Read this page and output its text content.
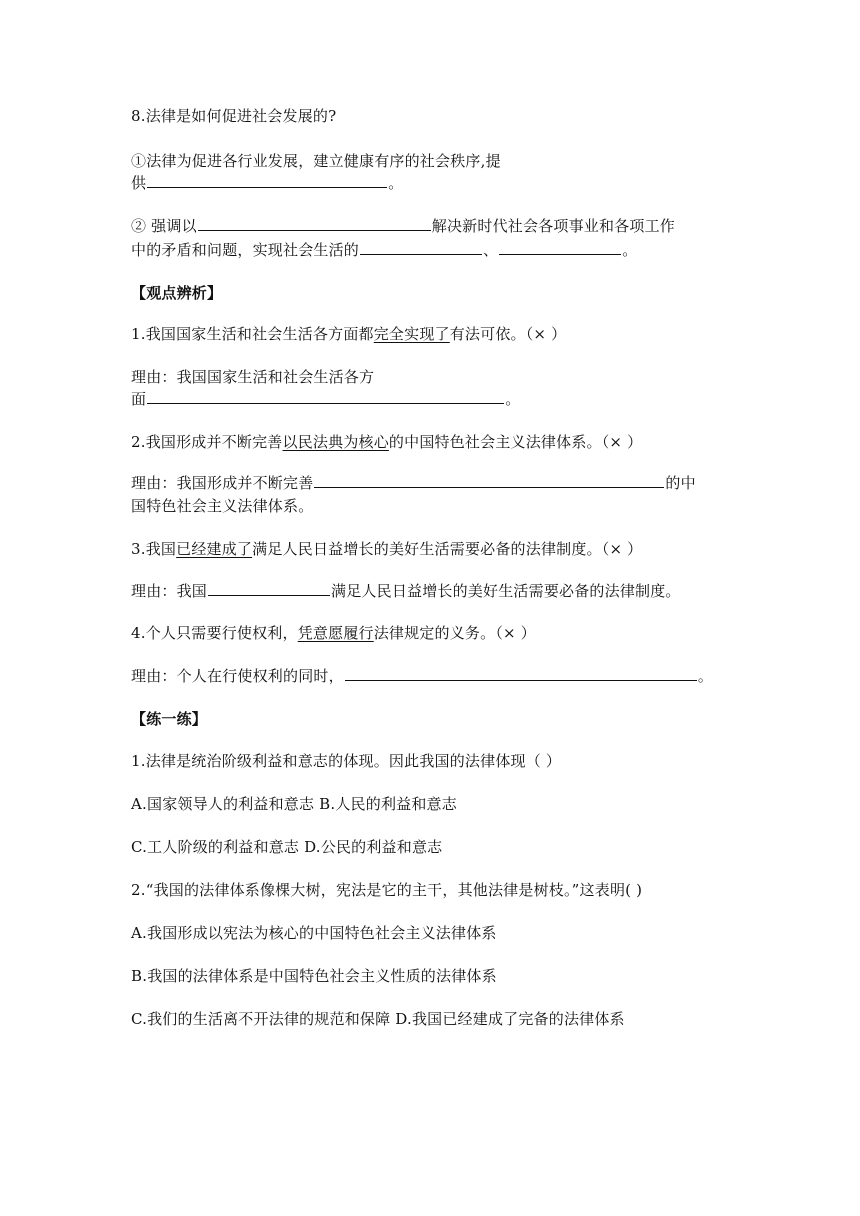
8.法律是如何促进社会发展的?
①法律为促进各行业发展，建立健康有序的社会秩序,提
供	。
② 强调以	解决新时代社会各项事业和各项工作
中的矛盾和问题，实现社会生活的	、	。
【观点辨析】
1.我国国家生活和社会生活各方面都完全实现了有法可依。（× ）
理由：我国国家生活和社会生活各方
面	。
2.我国形成并不断完善以民法典为核心的中国特色社会主义法律体系。（× ）
理由：我国形成并不断完善	的中
国特色社会主义法律体系。
3.我国已经建成了满足人民日益增长的美好生活需要必备的法律制度。（× ）
理由：我国	满足人民日益增长的美好生活需要必备的法律制度。
4.个人只需要行使权利，凭意愿履行法律规定的义务。（× ）
理由：个人在行使权利的同时，	。
【练一练】
1.法律是统治阶级利益和意志的体现。因此我国的法律体现（ ）
A.国家领导人的利益和意志 B.人民的利益和意志
C.工人阶级的利益和意志 D.公民的利益和意志
2.“我国的法律体系像棵大树，宪法是它的主干，其他法律是树枝。”这表明( )
A.我国形成以宪法为核心的中国特色社会主义法律体系
B.我国的法律体系是中国特色社会主义性质的法律体系
C.我们的生活离不开法律的规范和保障 D.我国已经建成了完备的法律体系
